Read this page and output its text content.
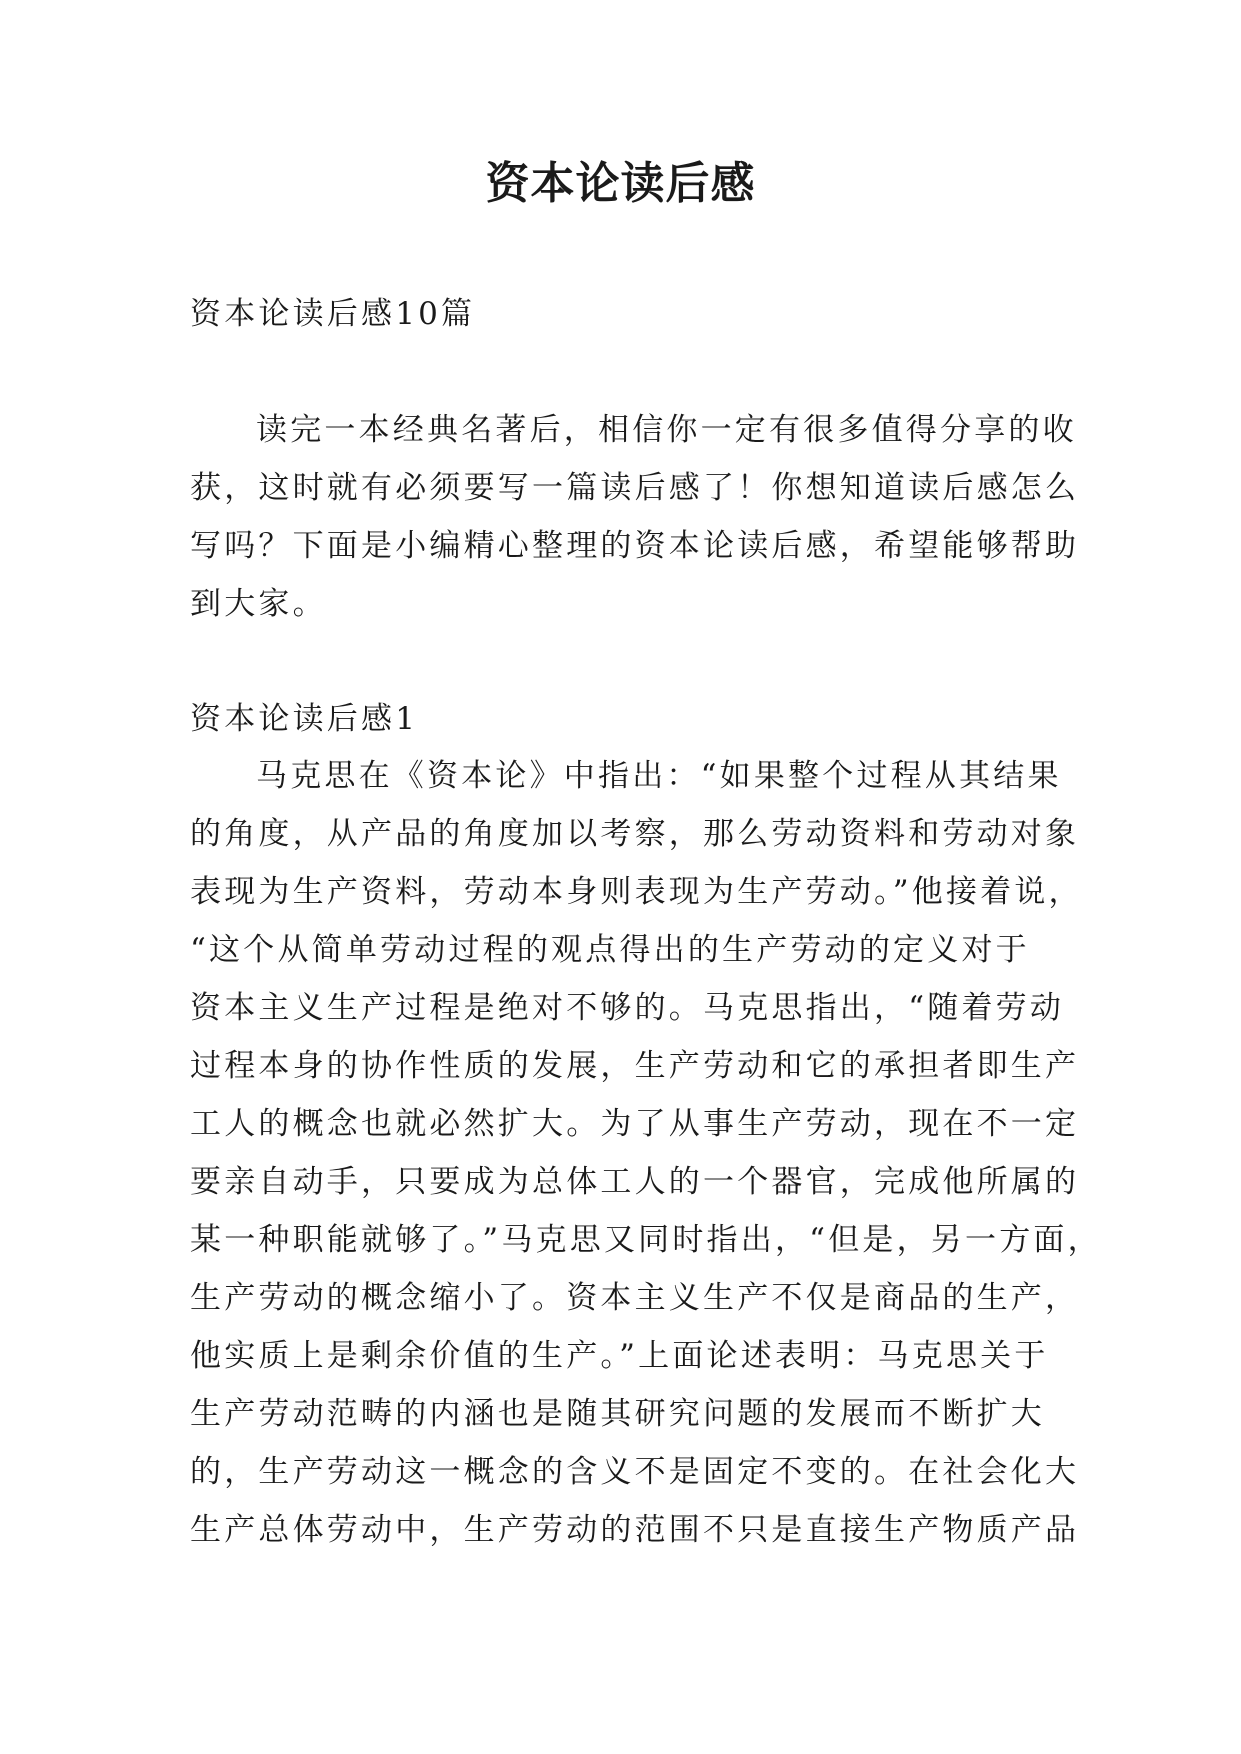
资本论读后感
资本论读后感10篇
读完一本经典名著后，相信你一定有很多值得分享的收
获，这时就有必须要写一篇读后感了！你想知道读后感怎么
写吗？下面是小编精心整理的资本论读后感，希望能够帮助
到大家。
资本论读后感1
马克思在《资本论》中指出：“如果整个过程从其结果
的角度，从产品的角度加以考察，那么劳动资料和劳动对象
表现为生产资料，劳动本身则表现为生产劳动。”他接着说，
“这个从简单劳动过程的观点得出的生产劳动的定义对于
资本主义生产过程是绝对不够的。马克思指出，“随着劳动
过程本身的协作性质的发展，生产劳动和它的承担者即生产
工人的概念也就必然扩大。为了从事生产劳动，现在不一定
要亲自动手，只要成为总体工人的一个器官，完成他所属的
某一种职能就够了。”马克思又同时指出，“但是，另一方面，
生产劳动的概念缩小了。资本主义生产不仅是商品的生产，
他实质上是剩余价值的生产。”上面论述表明：马克思关于
生产劳动范畴的内涵也是随其研究问题的发展而不断扩大
的，生产劳动这一概念的含义不是固定不变的。在社会化大
生产总体劳动中，生产劳动的范围不只是直接生产物质产品
